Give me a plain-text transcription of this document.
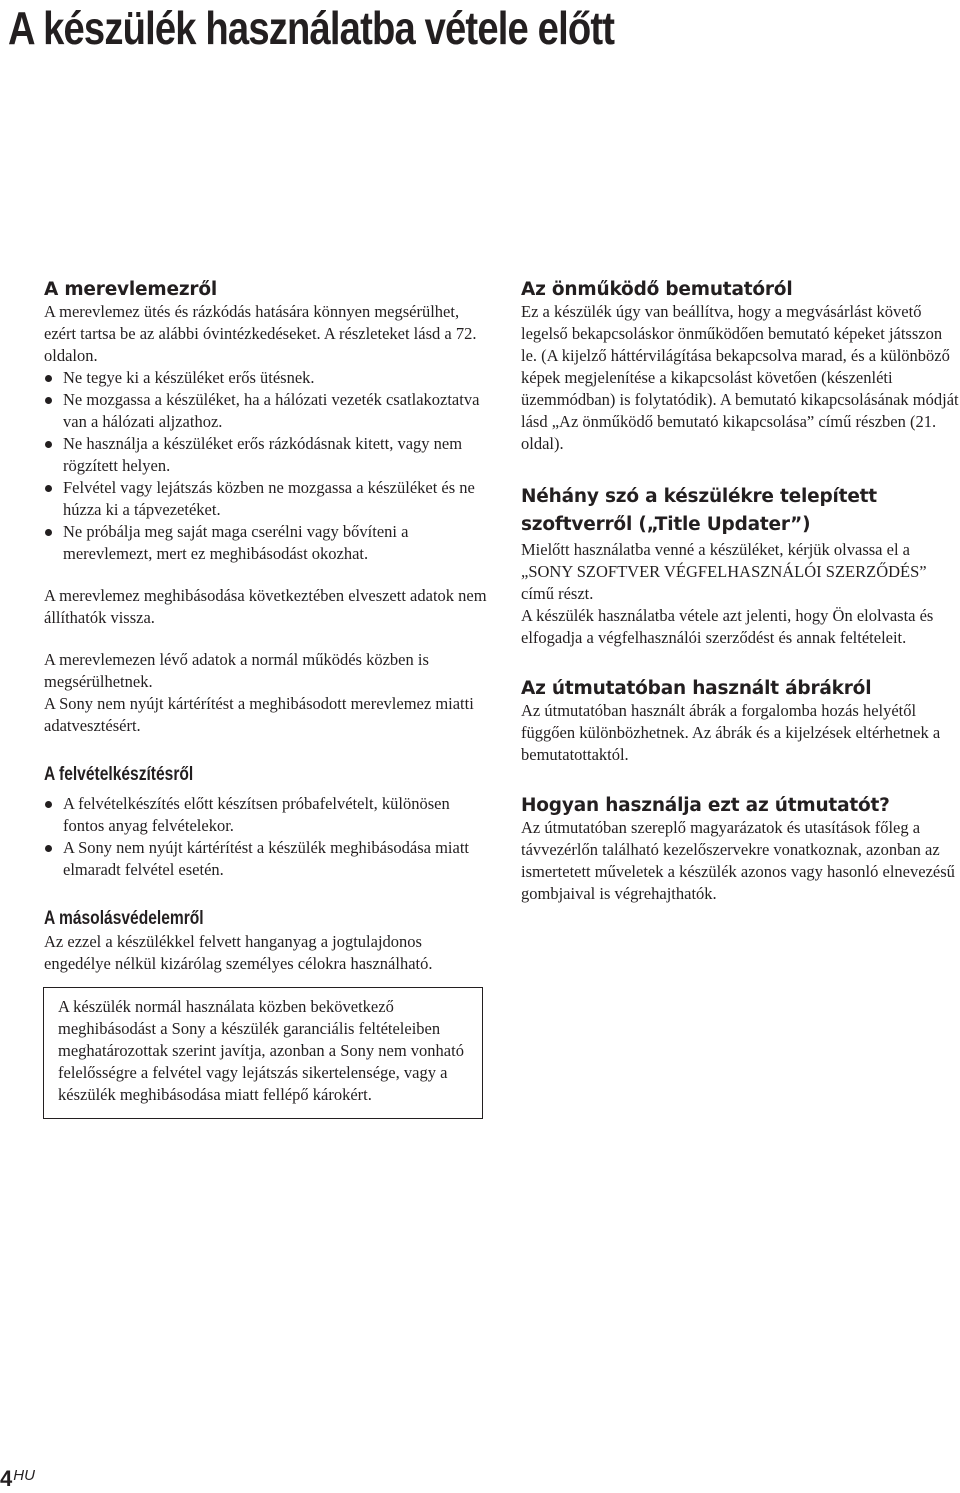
A készülék használatba vétele előtt
A merevlemezről

A merevlemez ütés és rázkódás hatására könnyen megsérülhet, ezért tartsa be az alábbi óvintézkedéseket. A részleteket lásd a 72. oldalon.

Ne tegye ki a készüléket erős ütésnek.
Ne mozgassa a készüléket, ha a hálózati vezeték csatlakoztatva van a hálózati aljzathoz.
Ne használja a készüléket erős rázkódásnak kitett, vagy nem rögzített helyen.
Felvétel vagy lejátszás közben ne mozgassa a készüléket és ne húzza ki a tápvezetéket.
Ne próbálja meg saját maga cserélni vagy bővíteni a merevlemezt, mert ez meghibásodást okozhat.

A merevlemez meghibásodása következtében elveszett adatok nem állíthatók vissza.

A merevlemezen lévő adatok a normál működés közben is megsérülhetnek.

A Sony nem nyújt kártérítést a meghibásodott merevlemez miatti adatvesztésért.

A felvételkészítésről
A felvételkészítés előtt készítsen próbafelvételt, különösen fontos anyag felvételekor.
A Sony nem nyújt kártérítést a készülék meghibásodása miatt elmaradt felvétel esetén.
A másolásvédelemről

Az ezzel a készülékkel felvett hanganyag a jogtulajdonos engedélye nélkül kizárólag személyes célokra használható.

A készülék normál használata közben bekövetkező meghibásodást a Sony a készülék garanciális feltételeiben meghatározottak szerint javítja, azonban a Sony nem vonható felelősségre a felvétel vagy lejátszás sikertelensége, vagy a készülék meghibásodása miatt fellépő károkért.

Az önműködő bemutatóról

Ez a készülék úgy van beállítva, hogy a megvásárlást követő legelső bekapcsoláskor önműködően bemutató képeket játsszon le. (A kijelző háttérvilágítása bekapcsolva marad, és a különböző képek megjelenítése a kikapcsolást követően (készenléti üzemmódban) is folytatódik). A bemutató kikapcsolásának módját lásd „Az önműködő bemutató kikapcsolása” című részben (21. oldal).

Néhány szó a készülékre telepített
szoftverről („Title Updater”)

Mielőtt használatba venné a készüléket, kérjük olvassa el a „SONY SZOFTVER VÉGFELHASZNÁLÓI SZERZŐDÉS” című részt.

A készülék használatba vétele azt jelenti, hogy Ön elolvasta és elfogadja a végfelhasználói szerződést és annak feltételeit.

Az útmutatóban használt ábrákról

Az útmutatóban használt ábrák a forgalomba hozás helyétől függően különbözhetnek. Az ábrák és a kijelzések eltérhetnek a bemutatottaktól.

Hogyan használja ezt az útmutatót?

Az útmutatóban szereplő magyarázatok és utasítások főleg a távvezérlőn található kezelőszervekre vonatkoznak, azonban az ismertetett műveletek a készülék azonos vagy hasonló elnevezésű gombjaival is végrehajthatók.

$4^{HU}$
